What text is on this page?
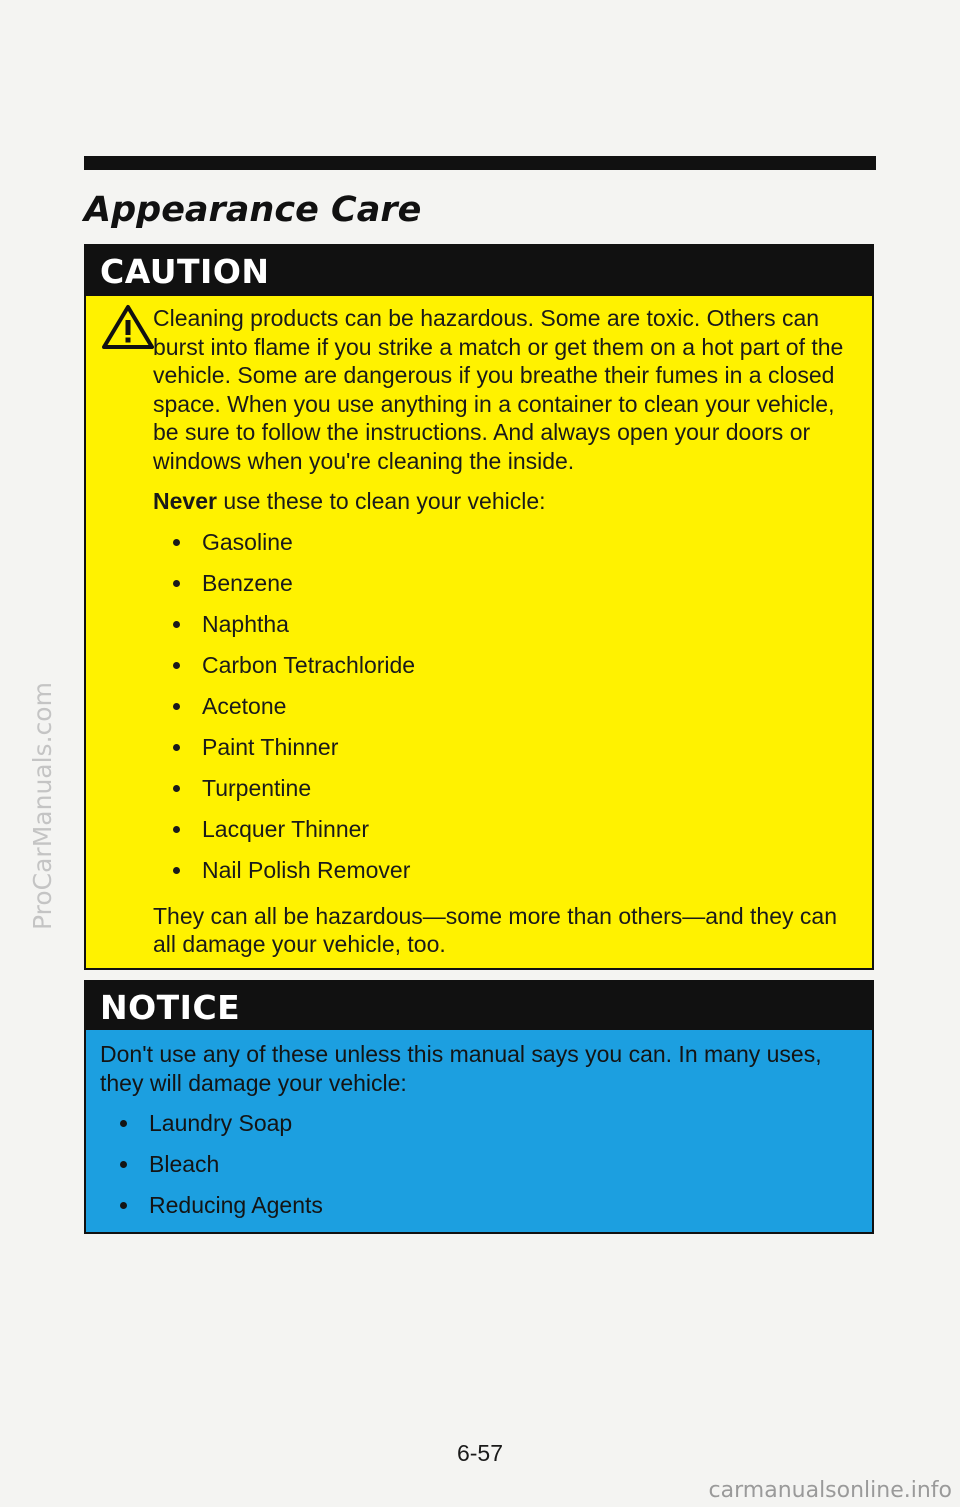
ProCarManuals.com
Appearance Care
CAUTION

Cleaning products can be hazardous. Some are toxic. Others can burst into flame if you strike a match or get them on a hot part of the vehicle. Some are dangerous if you breathe their fumes in a closed space. When you use anything in a container to clean your vehicle, be sure to follow the instructions. And always open your doors or windows when you're cleaning the inside.

Never use these to clean your vehicle:

Gasoline
Benzene
Naphtha
Carbon Tetrachloride
Acetone
Paint Thinner
Turpentine
Lacquer Thinner
Nail Polish Remover

They can all be hazardous—some more than others—and they can all damage your vehicle, too.

NOTICE

Don't use any of these unless this manual says you can. In many uses, they will damage your vehicle:

Laundry Soap
Bleach
Reducing Agents
6-57
carmanualsonline.info
